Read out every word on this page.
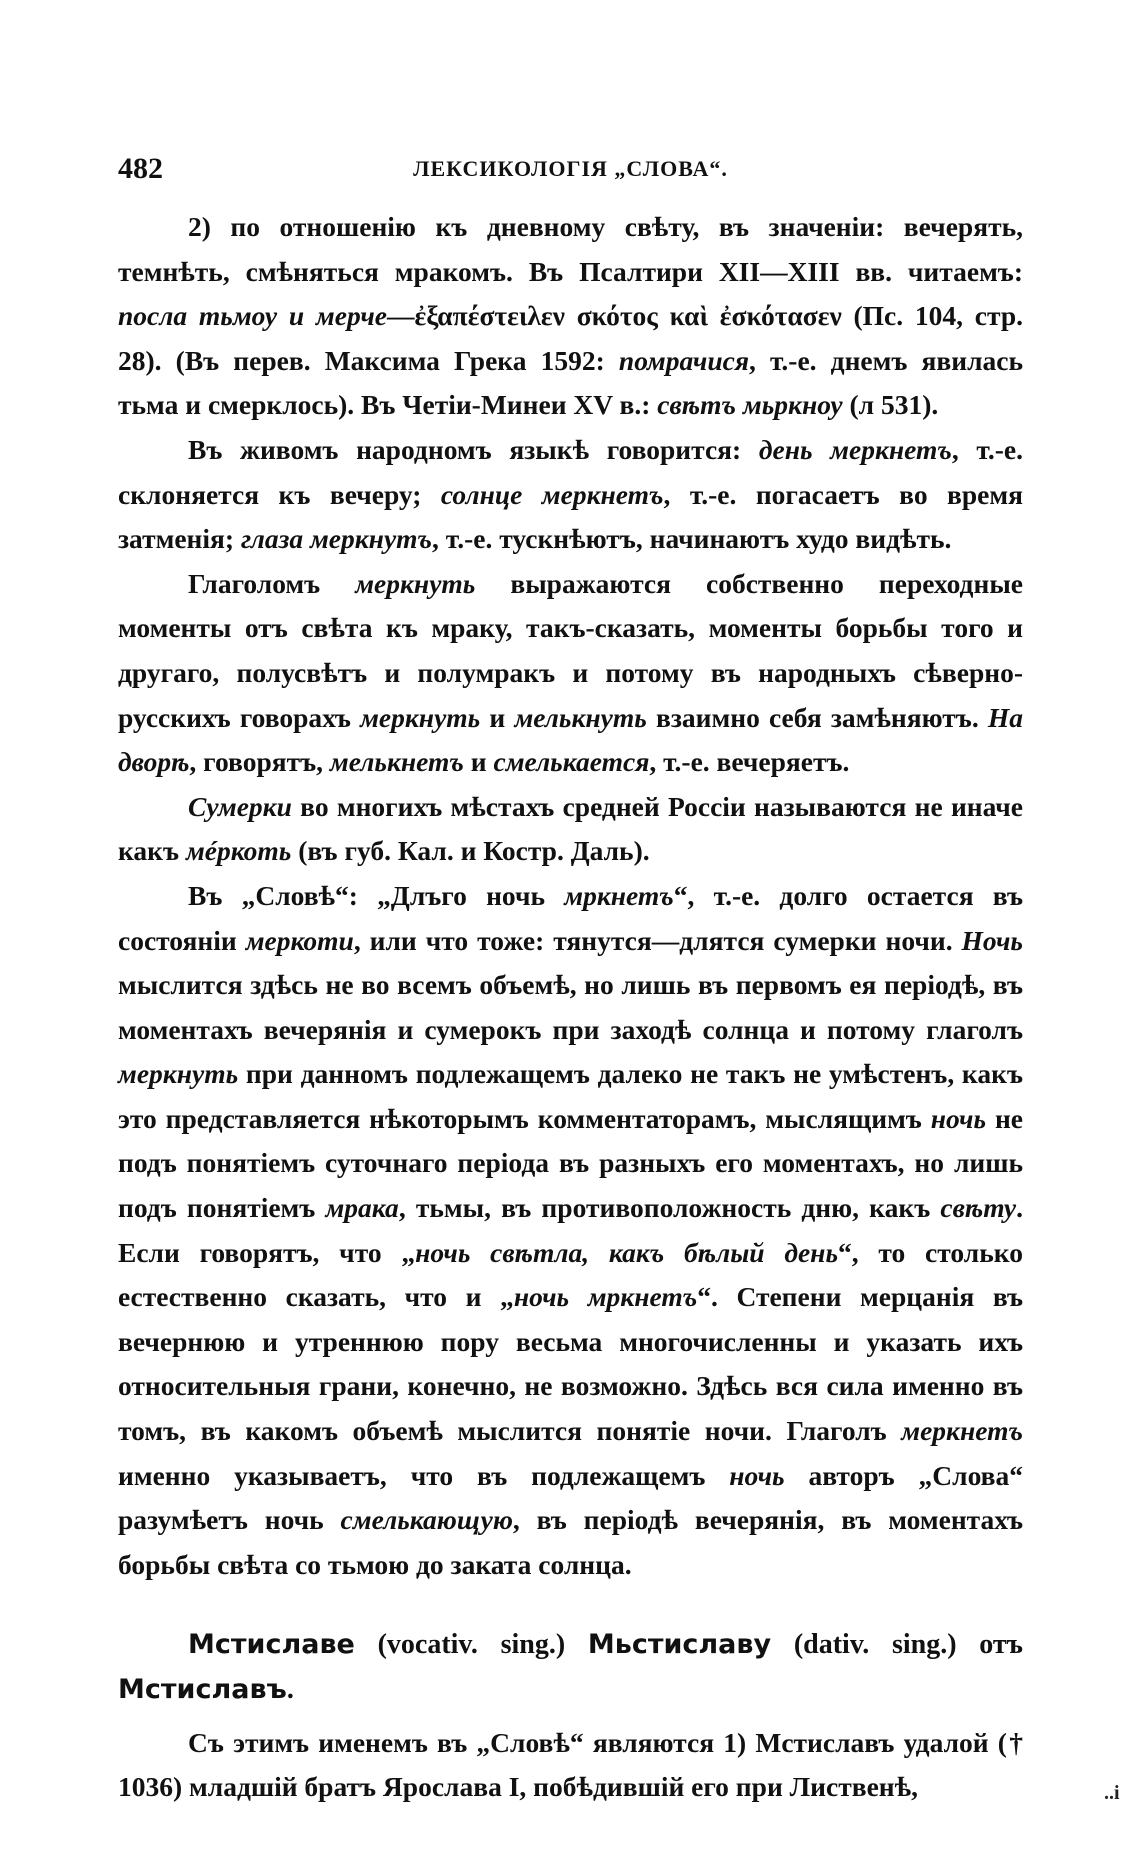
482	ЛЕКСИКОЛОГІЯ „СЛОВА“.

2) по отношенію къ дневному свѣту, въ значеніи: вечерять, темнѣть, смѣняться мракомъ. Въ Псалтири XII—XIII вв. читаемъ: посла тьмоу и мерче—ἐξαπέστειλεν σκότος καὶ ἐσκότασεν (Пс. 104, стр. 28). (Въ перев. Максима Грека 1592: помрачися, т.-е. днемъ явилась тьма и смерклось). Въ Четіи-Минеи XV в.: свѣтъ мьркноу (л 531).

Въ живомъ народномъ языкѣ говорится: день меркнетъ, т.-е. склоняется къ вечеру; солнце меркнетъ, т.-е. погасаетъ во время затменія; глаза меркнутъ, т.-е. тускнѣютъ, начинаютъ худо видѣть.

Глаголомъ меркнуть выражаются собственно переходные моменты отъ свѣта къ мраку, такъ-сказать, моменты борьбы того и другаго, полусвѣтъ и полумракъ и потому въ народныхъ сѣверно-русскихъ говорахъ меркнуть и мелькнуть взаимно себя замѣняютъ. На дворѣ, говорятъ, мелькнетъ и смелькается, т.-е. вечеряетъ.

Сумерки во многихъ мѣстахъ средней Россіи называются не иначе какъ мéркоть (въ губ. Кал. и Костр. Даль).

Въ „Словѣ“: „Длъго ночь мркнетъ“, т.-е. долго остается въ состояніи меркоти, или что тоже: тянутся—длятся сумерки ночи. Ночь мыслится здѣсь не во всемъ объемѣ, но лишь въ первомъ ея періодѣ, въ моментахъ вечерянія и сумерокъ при заходѣ солнца и потому глаголъ меркнуть при данномъ подлежащемъ далеко не такъ не умѣстенъ, какъ это представляется нѣкоторымъ комментаторамъ, мыслящимъ ночь не подъ понятіемъ суточнаго періода въ разныхъ его моментахъ, но лишь подъ понятіемъ мрака, тьмы, въ противоположность дню, какъ свѣту. Если говорятъ, что „ночь свѣтла, какъ бѣлый день“, то столько естественно сказать, что и „ночь мркнетъ“. Степени мерцанія въ вечернюю и утреннюю пору весьма многочисленны и указать ихъ относительныя грани, конечно, не возможно. Здѣсь вся сила именно въ томъ, въ какомъ объемѣ мыслится понятіе ночи. Глаголъ меркнетъ именно указываетъ, что въ подлежащемъ ночь авторъ „Слова“ разумѣетъ ночь смелькающую, въ періодѣ вечерянія, въ моментахъ борьбы свѣта со тьмою до заката солнца.

Мстиславе (vocativ. sing.) Мьстиславу (dativ. sing.) отъ Мстиславъ.

Съ этимъ именемъ въ „Словѣ“ являются 1) Мстиславъ удалой († 1036) младшій братъ Ярослава I, побѣдившій его при Лиственѣ,	..i
